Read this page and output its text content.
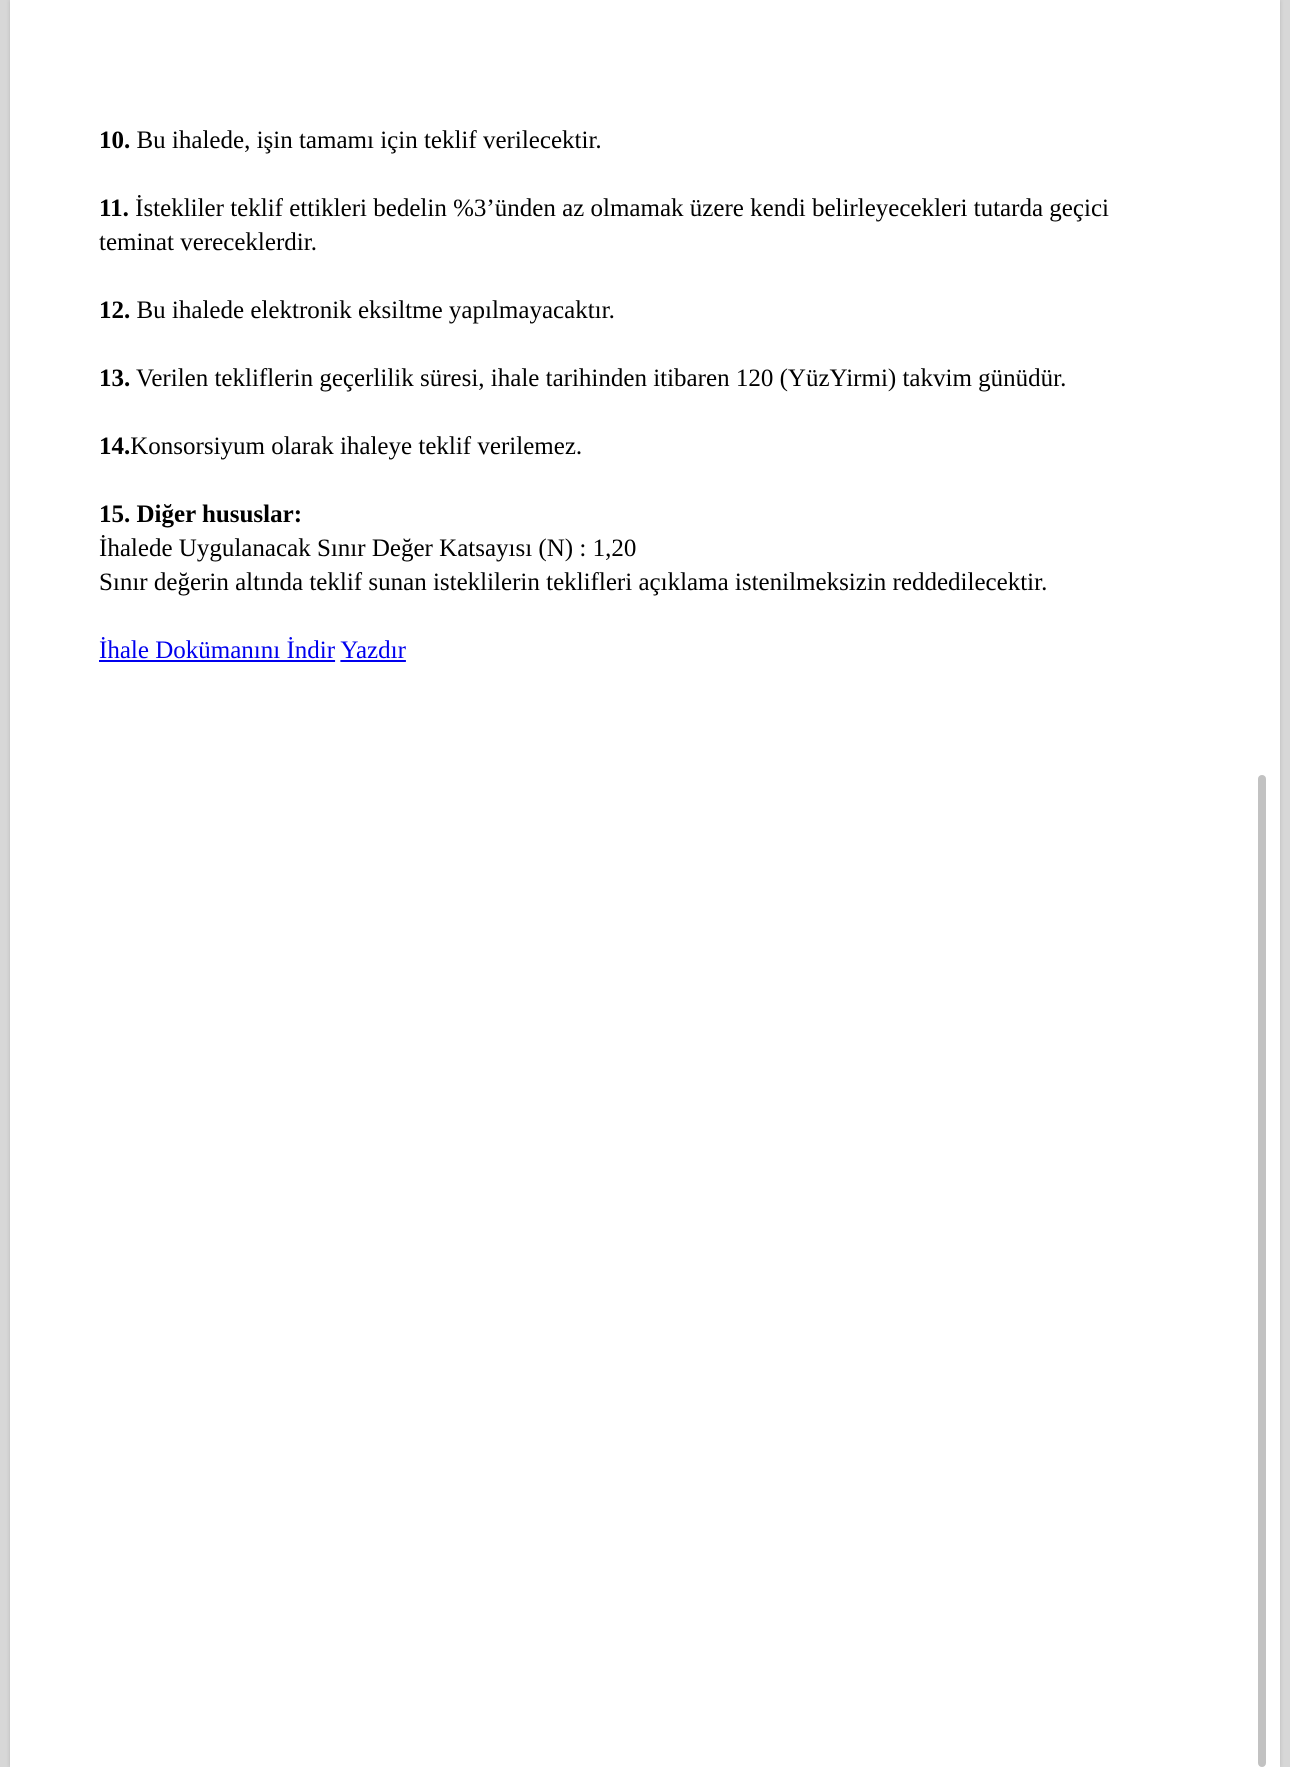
10. Bu ihalede, işin tamamı için teklif verilecektir.

11. İstekliler teklif ettikleri bedelin %3’ünden az olmamak üzere kendi belirleyecekleri tutarda geçici teminat vereceklerdir.

12. Bu ihalede elektronik eksiltme yapılmayacaktır.

13. Verilen tekliflerin geçerlilik süresi, ihale tarihinden itibaren 120 (YüzYirmi) takvim günüdür.

14.Konsorsiyum olarak ihaleye teklif verilemez.

15. Diğer hususlar:
İhalede Uygulanacak Sınır Değer Katsayısı (N) : 1,20
Sınır değerin altında teklif sunan isteklilerin teklifleri açıklama istenilmeksizin reddedilecektir.

İhale Dokümanını İndir Yazdır
